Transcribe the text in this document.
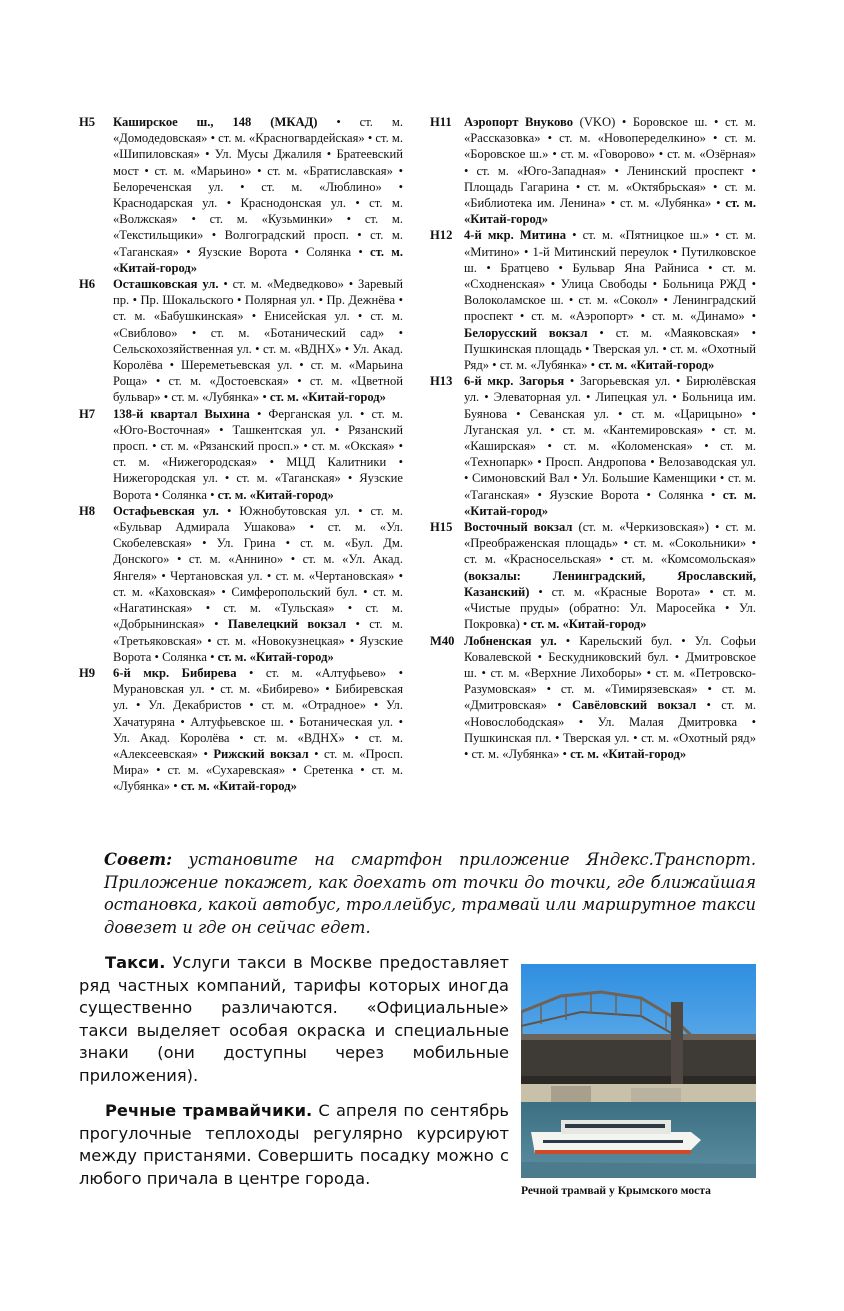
Н5	Каширское ш., 148 (МКАД) • ст. м. «Домодедовская» • ст. м. «Красногвардейская» • ст. м. «Шипиловская» • Ул. Мусы Джалиля • Братеевский мост • ст. м. «Марьино» • ст. м. «Братиславская» • Белореченская ул. • ст. м. «Люблино» • Краснодарская ул. • Краснодонская ул. • ст. м. «Волжская» • ст. м. «Кузьминки» • ст. м. «Текстильщики» • Волгоградский просп. • ст. м. «Таганская» • Яузские Ворота • Солянка • ст. м. «Китай-город»
Н6	Осташковская ул. • ст. м. «Медведково» • Заревый пр. • Пр. Шокальского • Полярная ул. • Пр. Дежнёва • ст. м. «Бабушкинская» • Енисейская ул. • ст. м. «Свиблово» • ст. м. «Ботанический сад» • Сельскохозяйственная ул. • ст. м. «ВДНХ» • Ул. Акад. Королёва • Шереметьевская ул. • ст. м. «Марьина Роща» • ст. м. «Достоевская» • ст. м. «Цветной бульвар» • ст. м. «Лубянка» • ст. м. «Китай-город»
Н7	138-й квартал Выхина • Ферганская ул. • ст. м. «Юго-Восточная» • Ташкентская ул. • Рязанский просп. • ст. м. «Рязанский просп.» • ст. м. «Окская» • ст. м. «Нижегородская» • МЦД Калитники • Нижегородская ул. • ст. м. «Таганская» • Яузские Ворота • Солянка • ст. м. «Китай-город»
Н8	Остафьевская ул. • Южнобутовская ул. • ст. м. «Бульвар Адмирала Ушакова» • ст. м. «Ул. Скобелевская» • Ул. Грина • ст. м. «Бул. Дм. Донского» • ст. м. «Аннино» • ст. м. «Ул. Акад. Янгеля» • Чертановская ул. • ст. м. «Чертановская» • ст. м. «Каховская» • Симферопольский бул. • ст. м. «Нагатинская» • ст. м. «Тульская» • ст. м. «Добрынинская» • Павелецкий вокзал • ст. м. «Третьяковская» • ст. м. «Новокузнецкая» • Яузские Ворота • Солянка • ст. м. «Китай-город»
Н9	6-й мкр. Бибирева • ст. м. «Алтуфьево» • Мурановская ул. • ст. м. «Бибирево» • Бибиревская ул. • Ул. Декабристов • ст. м. «Отрадное» • Ул. Хачатуряна • Алтуфьевское ш. • Ботаническая ул. • Ул. Акад. Королёва • ст. м. «ВДНХ» • ст. м. «Алексеевская» • Рижский вокзал • ст. м. «Просп. Мира» • ст. м. «Сухаревская» • Сретенка • ст. м. «Лубянка» • ст. м. «Китай-город»
Н11 Аэропорт Внуково (VKO) • Боровское ш. • ст. м. «Рассказовка» • ст. м. «Новопеределкино» • ст. м. «Боровское ш.» • ст. м. «Говорово» • ст. м. «Озёрная» • ст. м. «Юго-Западная» • Ленинский проспект • Площадь Гагарина • ст. м. «Октябрьская» • ст. м. «Библиотека им. Ленина» • ст. м. «Лубянка» • ст. м. «Китай-город»
Н12 4-й мкр. Митина • ст. м. «Пятницкое ш.» • ст. м. «Митино» • 1-й Митинский переулок • Путилковское ш. • Братцево • Бульвар Яна Райниса • ст. м. «Сходненская» • Улица Свободы • Больница РЖД • Волоколамское ш. • ст. м. «Сокол» • Ленинградский проспект • ст. м. «Аэропорт» • ст. м. «Динамо» • Белорусский вокзал • ст. м. «Маяковская» • Пушкинская площадь • Тверская ул. • ст. м. «Охотный Ряд» • ст. м. «Лубянка» • ст. м. «Китай-город»
Н13 6-й мкр. Загорья • Загорьевская ул. • Бирюлёвская ул. • Элеваторная ул. • Липецкая ул. • Больница им. Буянова • Севанская ул. • ст. м. «Царицыно» • Луганская ул. • ст. м. «Кантемировская» • ст. м. «Каширская» • ст. м. «Коломенская» • ст. м. «Технопарк» • Просп. Андропова • Велозаводская ул. • Симоновский Вал • Ул. Большие Каменщики • ст. м. «Таганская» • Яузские Ворота • Солянка • ст. м. «Китай-город»
Н15 Восточный вокзал (ст. м. «Черкизовская») • ст. м. «Преображенская площадь» • ст. м. «Сокольники» • ст. м. «Красносельская» • ст. м. «Комсомольская» (вокзалы: Ленинградский, Ярославский, Казанский) • ст. м. «Красные Ворота» • ст. м. «Чистые пруды» (обратно: Ул. Маросейка • Ул. Покровка) • ст. м. «Китай-город»
М40 Лобненская ул. • Карельский бул. • Ул. Софьи Ковалевской • Бескудниковский бул. • Дмитровское ш. • ст. м. «Верхние Лихоборы» • ст. м. «Петровско-Разумовская» • ст. м. «Тимирязевская» • ст. м. «Дмитровская» • Савёловский вокзал • ст. м. «Новослободская» • Ул. Малая Дмитровка • Пушкинская пл. • Тверская ул. • ст. м. «Охотный ряд» • ст. м. «Лубянка» • ст. м. «Китай-город»
Совет: установите на смартфон приложение Яндекс.Транспорт. Приложение покажет, как доехать от точки до точки, где ближайшая остановка, какой автобус, троллейбус, трамвай или маршрутное такси довезет и где он сейчас едет.
Такси. Услуги такси в Москве предоставляет ряд частных компаний, тарифы которых иногда существенно различаются. «Официальные» такси выделяет особая окраска и специальные знаки (они доступны через мобильные приложения).
Речные трамвайчики. С апреля по сентябрь прогулочные теплоходы регулярно курсируют между пристанями. Совершить посадку можно с любого причала в центре города.
Речной трамвай у Крымского моста
